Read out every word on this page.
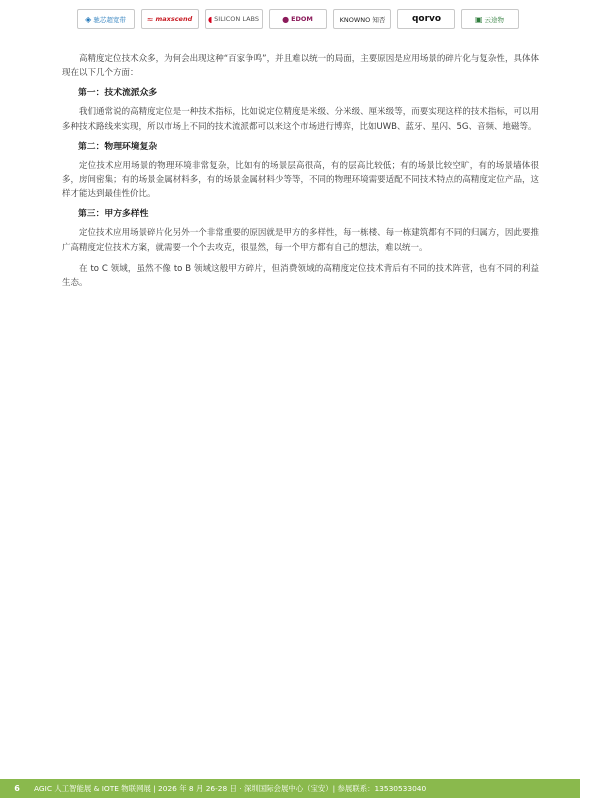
◈ 驰芯超宽带	≈ maxscend ◖ SILICON LABS	● EDOM	KNOWNO 知否	qorvo	▣ 云途物

高精度定位技术众多，为何会出现这种“百家争鸣”，并且难以统一的局面，主要原因是应用场景的碎片化与复杂性，具体体现在以下几个方面：

第一：技术流派众多

我们通常说的高精度定位是一种技术指标，比如说定位精度是米级、分米级、厘米级等，而要实现这样的技术指标，可以用多种技术路线来实现，所以市场上不同的技术流派都可以来这个市场进行博弈，比如UWB、蓝牙、星闪、5G、音频、地磁等。

第二：物理环境复杂

定位技术应用场景的物理环境非常复杂，比如有的场景层高很高，有的层高比较低；有的场景比较空旷，有的场景墙体很多，房间密集；有的场景金属材料多，有的场景金属材料少等等，不同的物理环境需要适配不同技术特点的高精度定位产品，这样才能达到最佳性价比。

第三：甲方多样性

定位技术应用场景碎片化另外一个非常重要的原因就是甲方的多样性，每一栋楼、每一栋建筑都有不同的归属方，因此要推广高精度定位技术方案，就需要一个个去攻克，很显然，每一个甲方都有自己的想法，难以统一。

在 to C 领域，虽然不像 to B 领域这般甲方碎片，但消费领域的高精度定位技术背后有不同的技术阵营，也有不同的利益生态。

6	AGIC 人工智能展 & IOTE 物联网展 | 2026 年 8 月 26-28 日 · 深圳国际会展中心（宝安）| 参展联系：13530533040
